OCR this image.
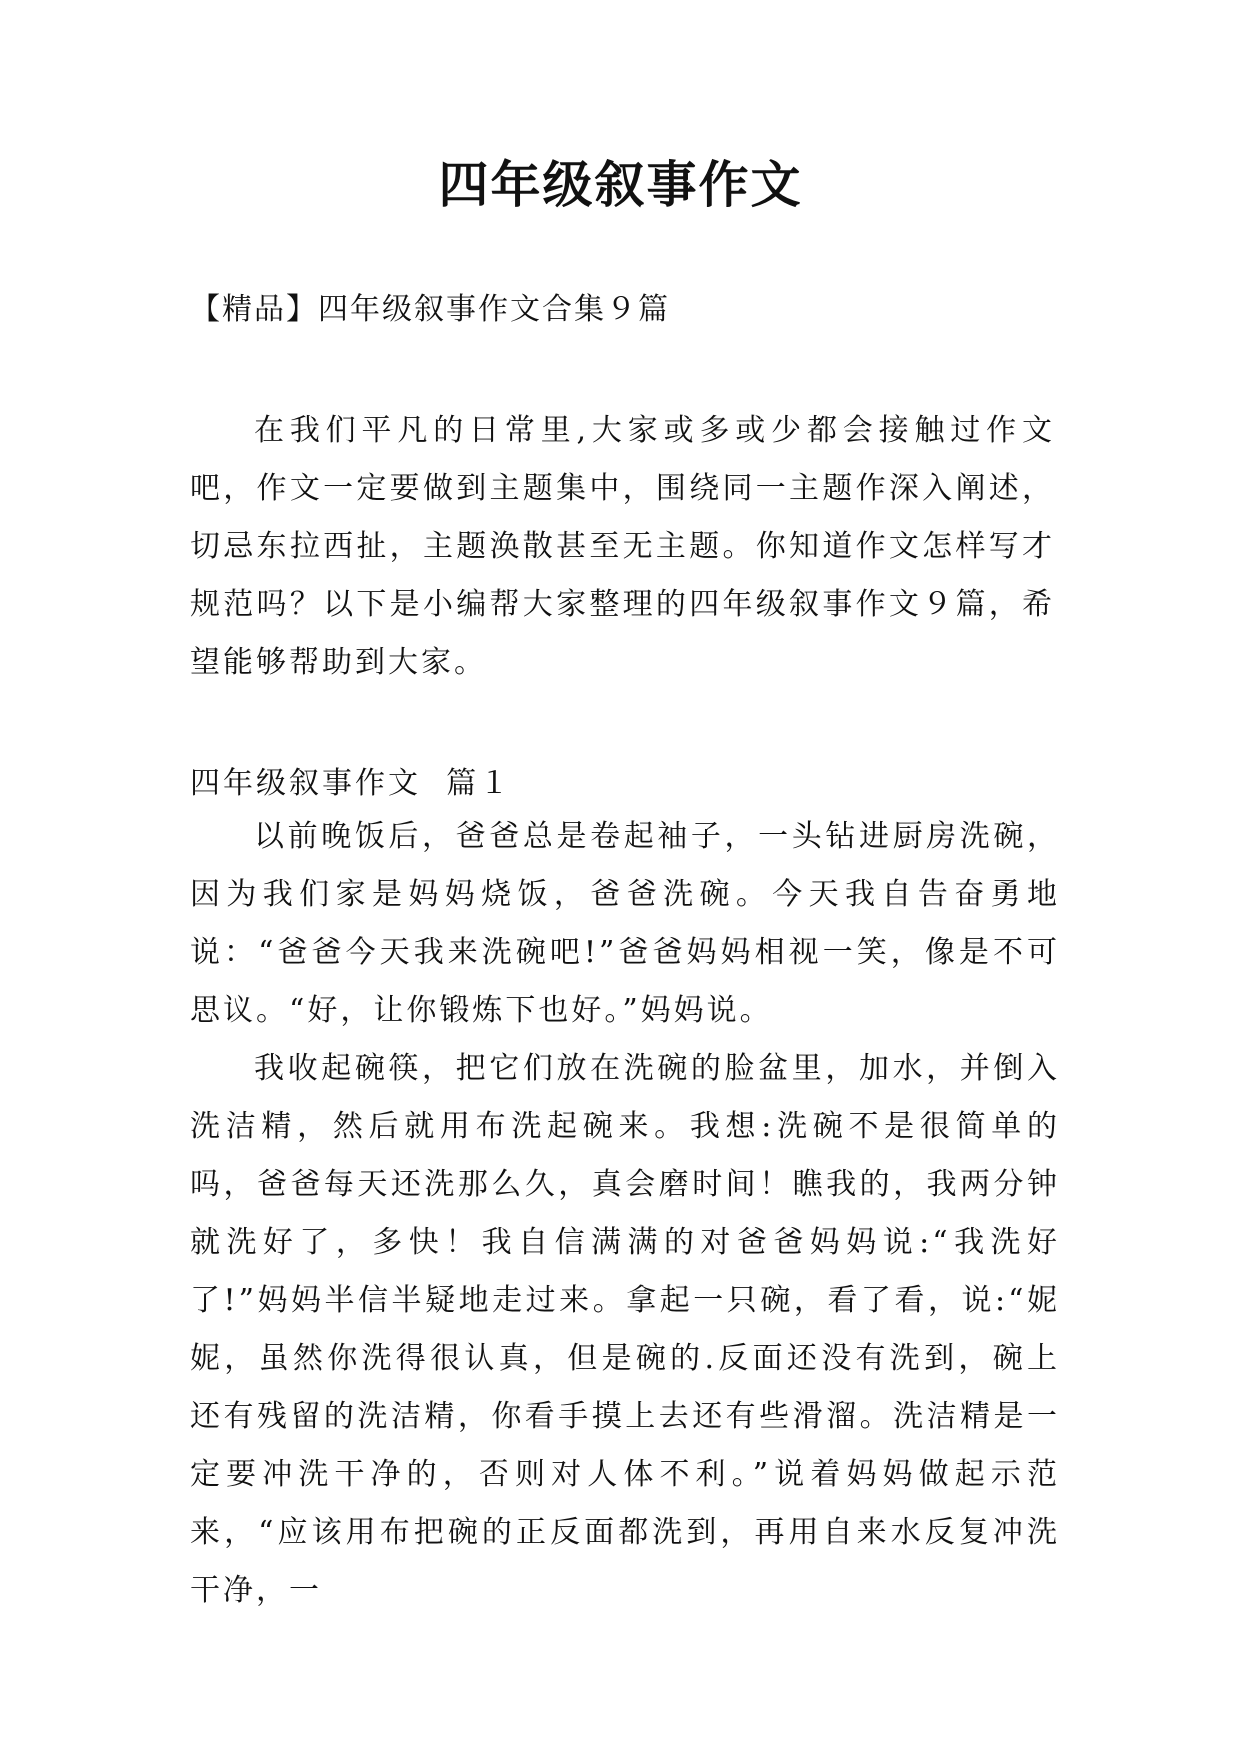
四年级叙事作文
【精品】四年级叙事作文合集９篇

在我们平凡的日常里,大家或多或少都会接触过作文吧，作文一定要做到主题集中，围绕同一主题作深入阐述，切忌东拉西扯，主题涣散甚至无主题。你知道作文怎样写才规范吗？以下是小编帮大家整理的四年级叙事作文９篇，希望能够帮助到大家。

四年级叙事作文  篇１

以前晚饭后，爸爸总是卷起袖子，一头钻进厨房洗碗，因为我们家是妈妈烧饭，爸爸洗碗。今天我自告奋勇地说：“爸爸今天我来洗碗吧!”爸爸妈妈相视一笑，像是不可思议。“好，让你锻炼下也好。”妈妈说。

我收起碗筷，把它们放在洗碗的脸盆里，加水，并倒入洗洁精，然后就用布洗起碗来。我想:洗碗不是很简单的吗，爸爸每天还洗那么久，真会磨时间！瞧我的，我两分钟就洗好了，多快！我自信满满的对爸爸妈妈说:“我洗好了!”妈妈半信半疑地走过来。拿起一只碗，看了看，说:“妮妮，虽然你洗得很认真，但是碗的.反面还没有洗到，碗上还有残留的洗洁精，你看手摸上去还有些滑溜。洗洁精是一定要冲洗干净的，否则对人体不利。”说着妈妈做起示范来，“应该用布把碗的正反面都洗到，再用自来水反复冲洗干净，一
